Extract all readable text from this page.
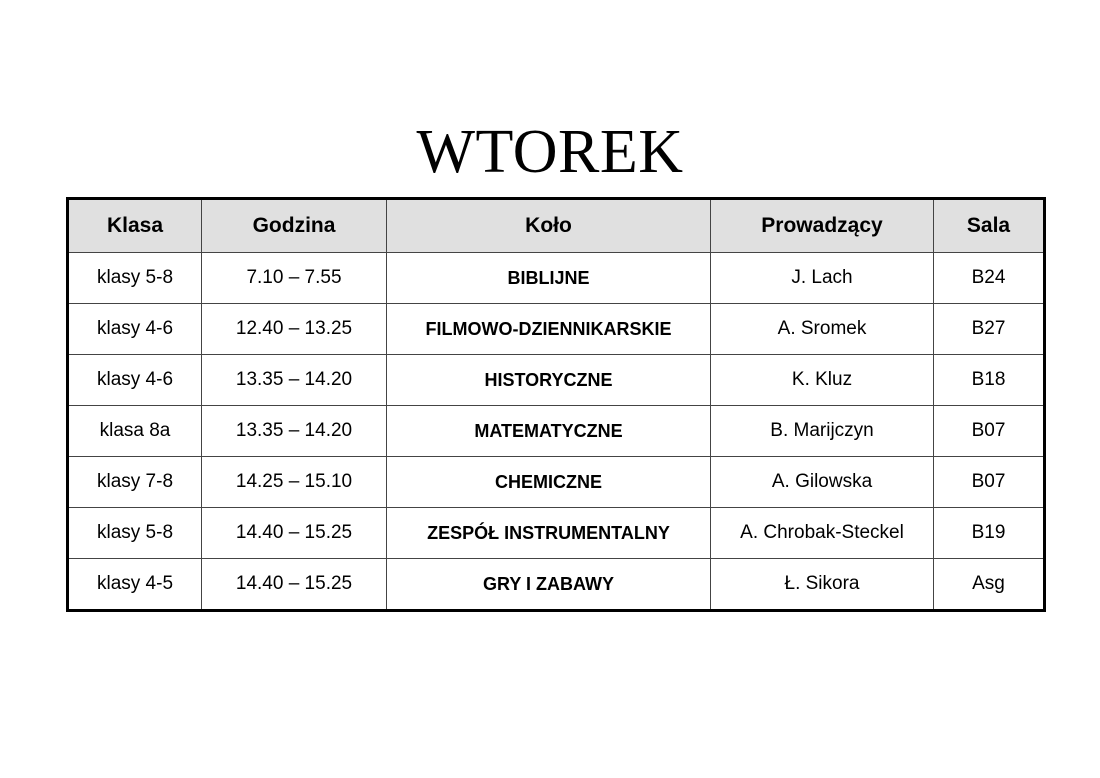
WTOREK
Klasa	Godzina	Koło	Prowadzący	Sala
klasy 5-8	7.10 – 7.55	BIBLIJNE	J. Lach	B24
klasy 4-6	12.40 – 13.25	FILMOWO-DZIENNIKARSKIE	A. Sromek	B27
klasy 4-6	13.35 – 14.20	HISTORYCZNE	K. Kluz	B18
klasa 8a	13.35 – 14.20	MATEMATYCZNE	B. Marijczyn	B07
klasy 7-8	14.25 – 15.10	CHEMICZNE	A. Gilowska	B07
klasy 5-8	14.40 – 15.25	ZESPÓŁ INSTRUMENTALNY	A. Chrobak-Steckel	B19
klasy 4-5	14.40 – 15.25	GRY I ZABAWY	Ł. Sikora	Asg
